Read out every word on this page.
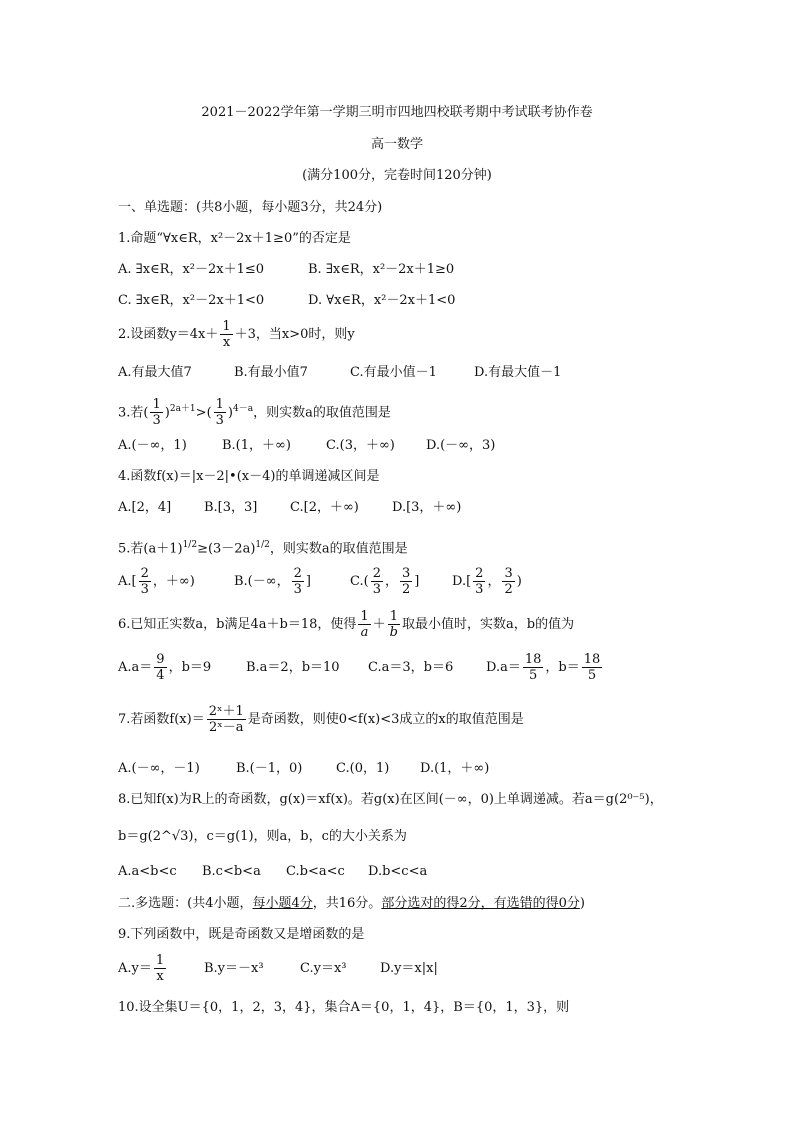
2021－2022学年第一学期三明市四地四校联考期中考试联考协作卷
高一数学
(满分100分，完卷时间120分钟)
一、单选题：(共8小题，每小题3分，共24分)
1.命题“∀x∈R，x²－2x＋1≥0”的否定是
A. ∃x∈R，x²－2x＋1≤0	B. ∃x∈R，x²－2x＋1≥0
C. ∃x∈R，x²－2x＋1<0	D. ∀x∈R，x²－2x＋1<0
2.设函数$y=4x+ \frac{1}{x} +3$，当x>0时，则y
A.有最大值7	B.有最小值7	C.有最小值－1	D.有最大值－1
3.若( $\frac{1}{3} )^{2a+1}>( \frac{1}{3} )^{4-a}$，则实数a的取值范围是
A.(－∞，1)	B.(1，＋∞)	C.(3，＋∞) D.(－∞，3)
4.函数f(x)＝|x－2|•(x－4)的单调递减区间是
A.[2，4]	B.[3，3]	C.[2，＋∞)	D.[3，＋∞)
5.若$(a+1)^{1/2}\ge(3-2a)^{1/2}$，则实数a的取值范围是
$A.[ \frac{2}{3}$ ，＋∞)	B.(－∞， $\frac{2}{3}$ ]	$C.( \frac{2}{3}$ ， $\frac{3}{2}$ ]	$D.[ \frac{2}{3}$ ， $\frac{3}{2}$ )
6.已知正实数a，b满足4a＋b＝18，使得 $\frac{1}{a} + \frac{1}{b}$ 取最小值时，实数a，b的值为
$A.a= \frac{9}{4}$ ，b＝9	B.a＝2，b＝10 C.a＝3，b＝6	$D.a= \frac{18}{5}$ ，$b= \frac{18}{5}$
7.若函数$f(x)= \frac{\text{2ˣ＋1}}{\text{2ˣ－a}}$ 是奇函数，则使0<f(x)<3成立的x的取值范围是
A.(－∞，－1)	B.(－1，0)	C.(0，1) D.(1，＋∞)
8.已知f(x)为R上的奇函数，g(x)＝xf(x)。若g(x)在区间(－∞，0)上单调递减。若a＝g(2⁰⁻⁵)，
b＝g(2^√3)，c＝g(1)，则a，b，c的大小关系为
A.a<b<c B.c<b<a C.b<a<c D.b<c<a
二.多选题：(共4小题，每小题4分，共16分。部分选对的得2分，有选错的得0分)
9.下列函数中，既是奇函数又是增函数的是
$A.y= \frac{1}{x}$	B.y＝－x³	C.y＝x³	D.y＝x|x|
10.设全集U＝{0，1，2，3，4}，集合A＝{0，1，4}，B＝{0，1，3}，则
